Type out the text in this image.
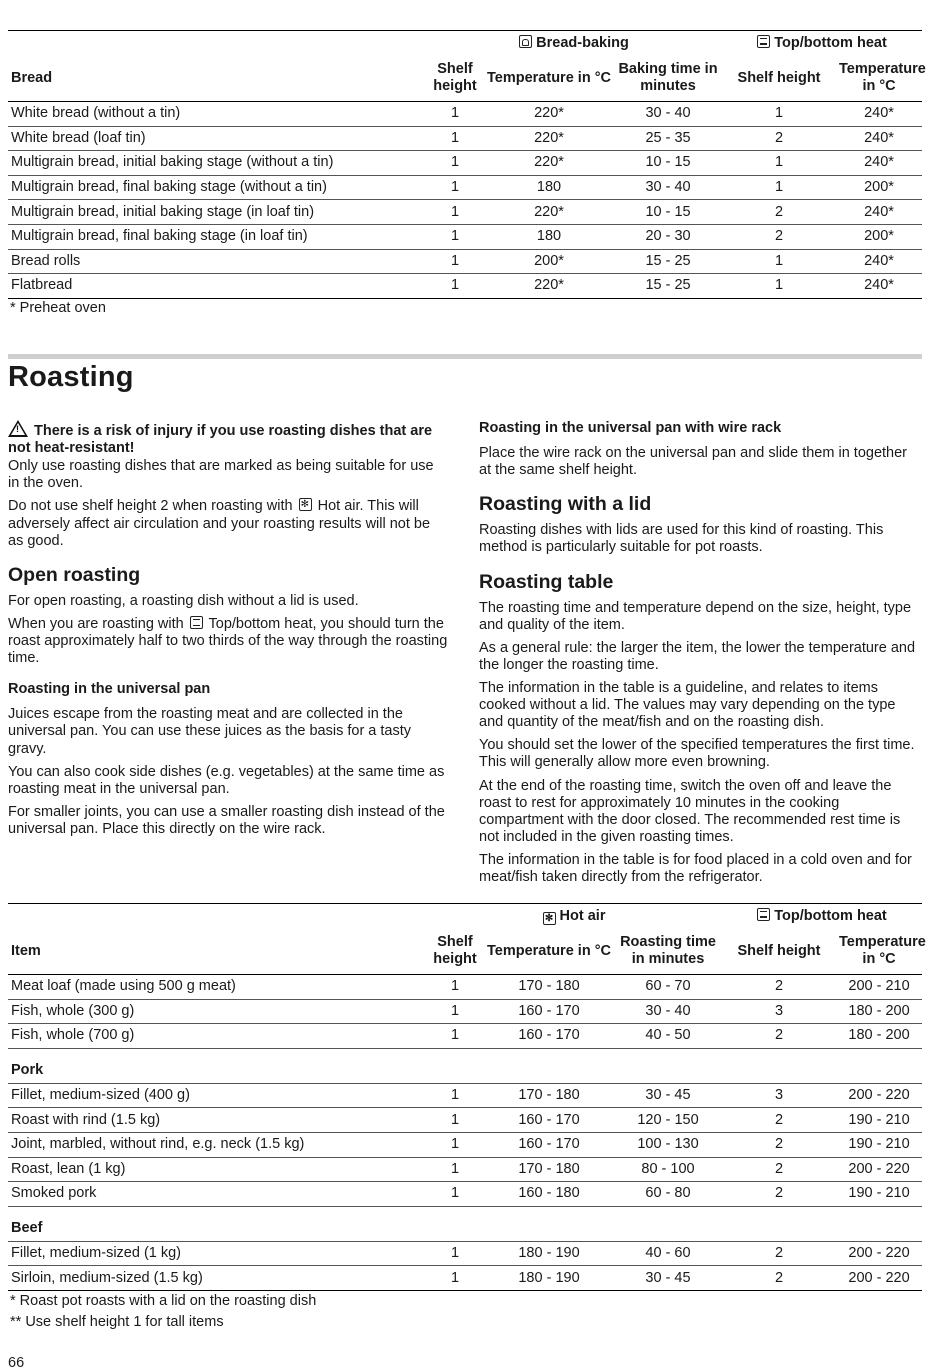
	Bread-baking			Top/bottom heat	
Bread	Shelf height	Temperature in °C	Baking time in minutes	Shelf height	Temperature in °C
White bread (without a tin)	1	220*	30 - 40	1	240*
White bread (loaf tin)	1	220*	25 - 35	2	240*
Multigrain bread, initial baking stage (without a tin)	1	220*	10 - 15	1	240*
Multigrain bread, final baking stage (without a tin)	1	180	30 - 40	1	200*
Multigrain bread, initial baking stage (in loaf tin)	1	220*	10 - 15	2	240*
Multigrain bread, final baking stage (in loaf tin)	1	180	20 - 30	2	200*
Bread rolls	1	200*	15 - 25	1	240*
Flatbread	1	220*	15 - 25	1	240*
* Preheat oven
Roasting

!There is a risk of injury if you use roasting dishes that are not heat-resistant!

Only use roasting dishes that are marked as being suitable for use in the oven.

Do not use shelf height 2 when roasting with ✻ Hot air. This will adversely affect air circulation and your roasting results will not be as good.

Open roasting

For open roasting, a roasting dish without a lid is used.

When you are roasting with Top/bottom heat, you should turn the roast approximately half to two thirds of the way through the roasting time.

Roasting in the universal pan

Juices escape from the roasting meat and are collected in the universal pan. You can use these juices as the basis for a tasty gravy.

You can also cook side dishes (e.g. vegetables) at the same time as roasting meat in the universal pan.

For smaller joints, you can use a smaller roasting dish instead of the universal pan. Place this directly on the wire rack.

Roasting in the universal pan with wire rack

Place the wire rack on the universal pan and slide them in together at the same shelf height.

Roasting with a lid

Roasting dishes with lids are used for this kind of roasting. This method is particularly suitable for pot roasts.

Roasting table

The roasting time and temperature depend on the size, height, type and quality of the item.

As a general rule: the larger the item, the lower the temperature and the longer the roasting time.

The information in the table is a guideline, and relates to items cooked without a lid. The values may vary depending on the type and quantity of the meat/fish and on the roasting dish.

You should set the lower of the specified temperatures the first time. This will generally allow more even browning.

At the end of the roasting time, switch the oven off and leave the roast to rest for approximately 10 minutes in the cooking compartment with the door closed. The recommended rest time is not included in the given roasting times.

The information in the table is for food placed in a cold oven and for meat/fish taken directly from the refrigerator.

	✻Hot air			Top/bottom heat	
Item	Shelf height	Temperature in °C	Roasting time in minutes	Shelf height	Temperature in °C
Meat loaf (made using 500 g meat)	1	170 - 180	60 - 70	2	200 - 210
Fish, whole (300 g)	1	160 - 170	30 - 40	3	180 - 200
Fish, whole (700 g)	1	160 - 170	40 - 50	2	180 - 200
Pork					
Fillet, medium-sized (400 g)	1	170 - 180	30 - 45	3	200 - 220
Roast with rind (1.5 kg)	1	160 - 170	120 - 150	2	190 - 210
Joint, marbled, without rind, e.g. neck (1.5 kg)	1	160 - 170	100 - 130	2	190 - 210
Roast, lean (1 kg)	1	170 - 180	80 - 100	2	200 - 220
Smoked pork	1	160 - 180	60 - 80	2	190 - 210
Beef					
Fillet, medium-sized (1 kg)	1	180 - 190	40 - 60	2	200 - 220
Sirloin, medium-sized (1.5 kg)	1	180 - 190	30 - 45	2	200 - 220
* Roast pot roasts with a lid on the roasting dish
** Use shelf height 1 for tall items
66
